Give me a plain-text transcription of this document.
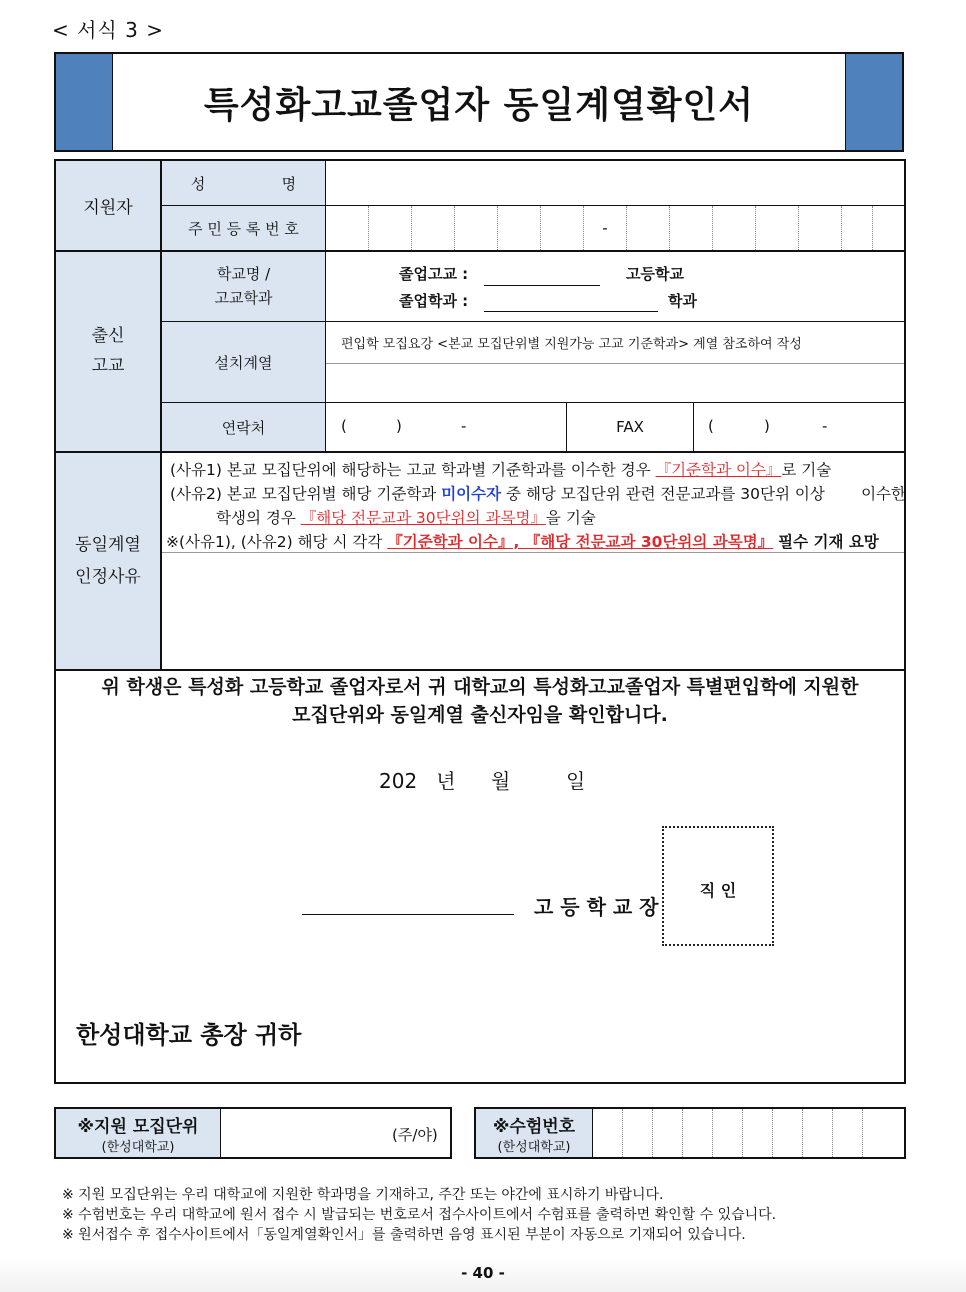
< 서식 3 >
특성화고교졸업자 동일계열확인서
지원자
성                명
주 민 등 록 번 호	-
출신
고교
학교명 /
고교학과
졸업고교 :	고등학교
졸업학과 :	학과
설치계열
편입학 모집요강 <본교 모집단위별 지원가능 고교 기준학과> 계열 참조하여 작성
연락처	(	)	-	FAX	(	)	-
동일계열
인정사유
(사유1) 본교 모집단위에 해당하는 고교 학과별 기준학과를 이수한 경우 『기준학과 이수』로 기술
(사유2) 본교 모집단위별 해당 기준학과 미이수자 중 해당 모집단위 관련 전문교과를 30단위 이상 이수한
학생의 경우 『해당 전문교과 30단위의 과목명』을 기술
※(사유1), (사유2) 해당 시 각각 『기준학과 이수』, 『해당 전문교과 30단위의 과목명』 필수 기재 요망
위 학생은 특성화 고등학교 졸업자로서 귀 대학교의 특성화고교졸업자 특별편입학에 지원한
모집단위와 동일계열 출신자임을 확인합니다.
202   년 월	일
고 등 학 교 장
한성대학교 총장 귀하
직 인
※지원 모집단위
(한성대학교)
(주/야)	※수험번호
(한성대학교)
※ 지원 모집단위는 우리 대학교에 지원한 학과명을 기재하고, 주간 또는 야간에 표시하기 바랍니다.
※ 수험번호는 우리 대학교에 원서 접수 시 발급되는 번호로서 접수사이트에서 수험표를 출력하면 확인할 수 있습니다.
※ 원서접수 후 접수사이트에서「동일계열확인서」를 출력하면 음영 표시된 부분이 자동으로 기재되어 있습니다.
- 40 -
